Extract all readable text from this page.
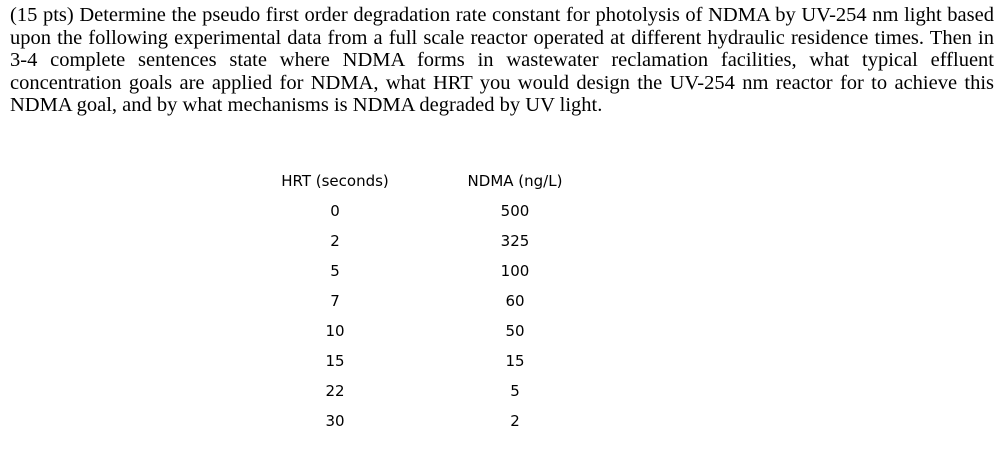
(15 pts) Determine the pseudo first order degradation rate constant for photolysis of NDMA by UV-254 nm light based upon the following experimental data from a full scale reactor operated at different hydraulic residence times. Then in 3-4 complete sentences state where NDMA forms in wastewater reclamation facilities, what typical effluent concentration goals are applied for NDMA, what HRT you would design the UV-254 nm reactor for to achieve this NDMA goal, and by what mechanisms is NDMA degraded by UV light.

HRT (seconds)	NDMA (ng/L)
0	500
2	325
5	100
7	60
10	50
15	15
22	5
30	2
